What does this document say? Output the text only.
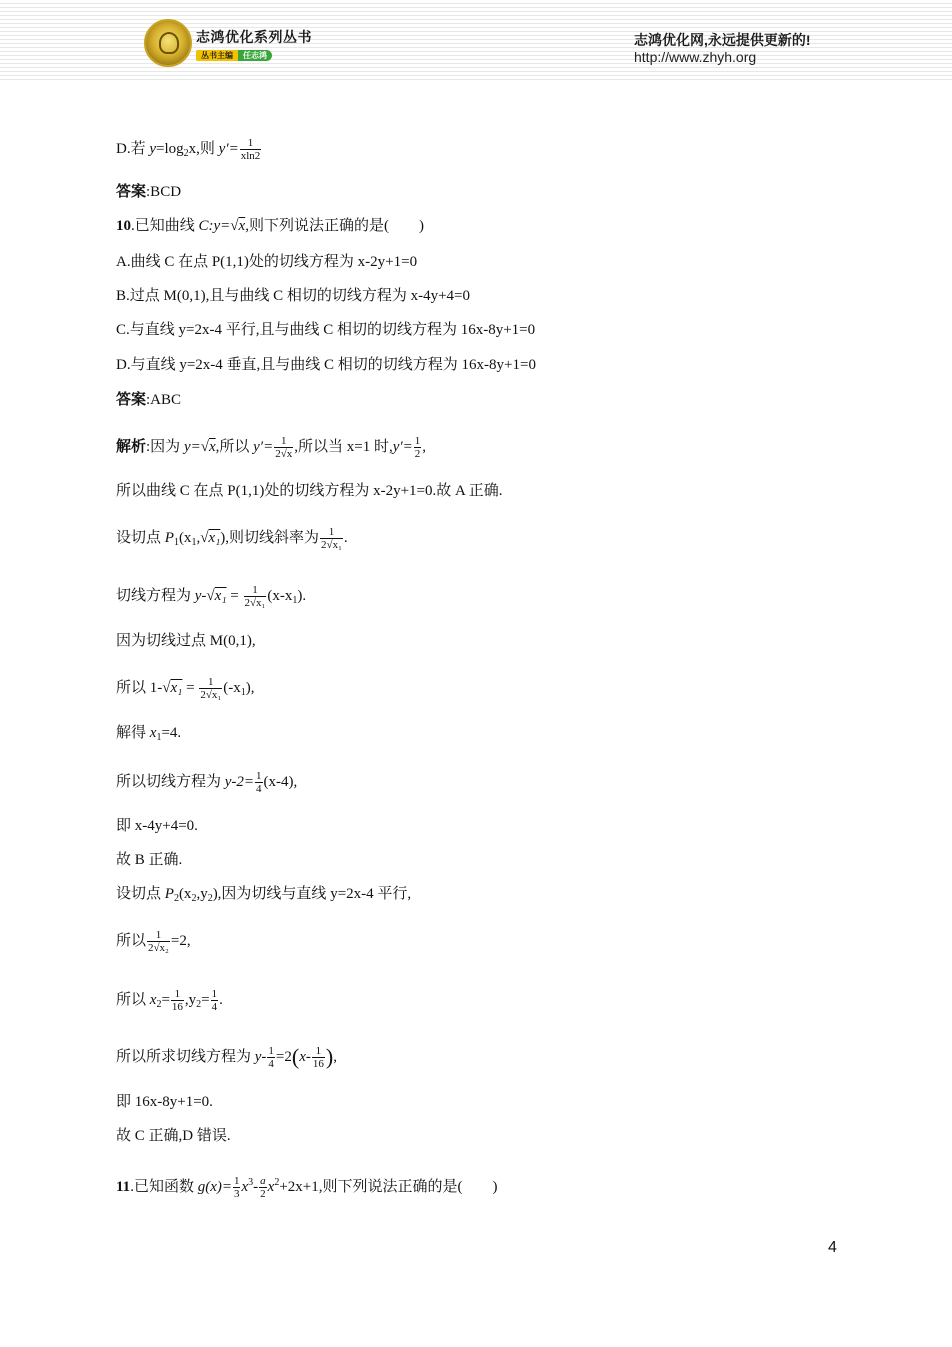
志鸿优化系列丛书
丛书主编	任志鸿
志鸿优化网,永远提供更新的!
http://www.zhyh.org
D.若 $y=\log_2x$,则 $y'= \frac{1}{xln2}$
答案:BCD
10.已知曲线 C:y=√x,则下列说法正确的是(　　)
A.曲线 C 在点 P(1,1)处的切线方程为 x-2y+1=0
B.过点 M(0,1),且与曲线 C 相切的切线方程为 x-4y+4=0
C.与直线 y=2x-4 平行,且与曲线 C 相切的切线方程为 16x-8y+1=0
D.与直线 y=2x-4 垂直,且与曲线 C 相切的切线方程为 16x-8y+1=0
答案:ABC
解析:因为 y=√x,所以 $y'= \frac{1}{2√x}$ ,所以当 x=1 时$,y'= \frac{1}{2}$ ,
所以曲线 C 在点 P(1,1)处的切线方程为 x-2y+1=0.故 A 正确.
设切点 $P_1(x_1,√x_1)$,则切线斜率为 $\frac{1}{\text{2√x₁}}$ .
切线方程为 $y-√x_1 = \frac{1}{\text{2√x₁}} (x-x_1)$.
因为切线过点 M(0,1),
所以 $1-√x_1 = \frac{1}{\text{2√x₁}} (-x_1)$,
解得 $x_1=4$.
所以切线方程为 $y-2= \frac{1}{4} (x-4)$,
即 x-4y+4=0.
故 B 正确.
设切点 $P_2(x_2,y_2)$,因为切线与直线 y=2x-4 平行,
所以 $\frac{1}{\text{2√x₂}} =2$,
所以 $x_2= \frac{1}{16} ,y_2= \frac{1}{4}$ .
所以所求切线方程为 $y- \frac{1}{4} =2(x- \frac{1}{16}$ ),
即 16x-8y+1=0.
故 C 正确,D 错误.
11.已知函数 $g(x)= \frac{1}{3} x^3-\frac{a}{2} x^2+2x+1$,则下列说法正确的是(　　)
4
